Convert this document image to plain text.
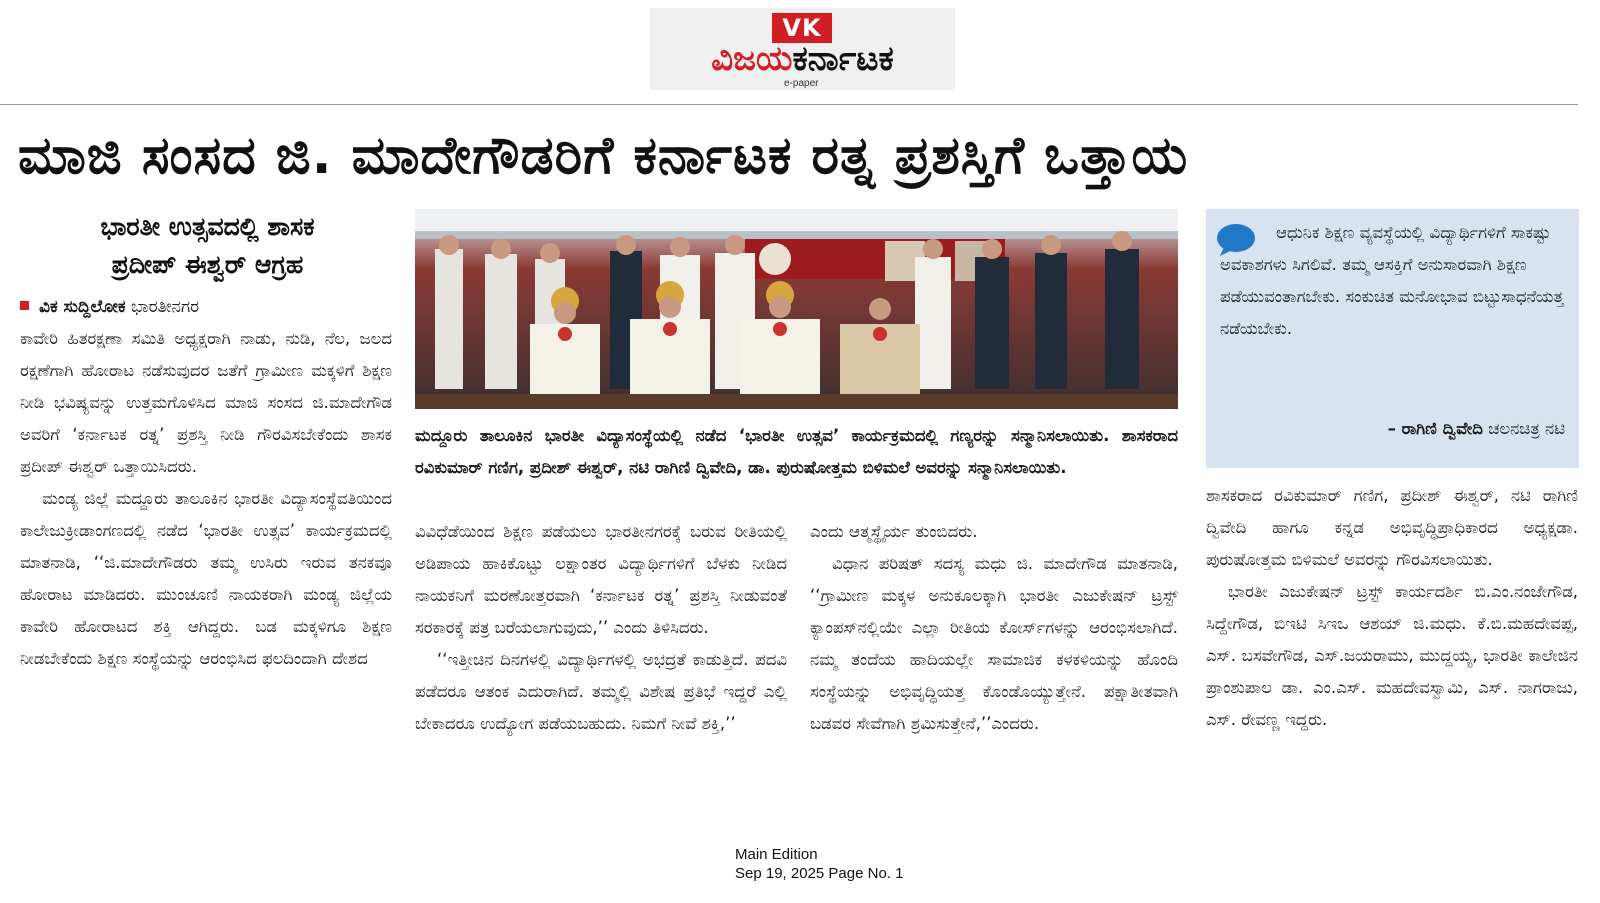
VK
ವಿಜಯಕರ್ನಾಟಕ
e-paper
ಮಾಜಿ ಸಂಸದ ಜಿ. ಮಾದೇಗೌಡರಿಗೆ ಕರ್ನಾಟಕ ರತ್ನ ಪ್ರಶಸ್ತಿಗೆ ಒತ್ತಾಯ
ಭಾರತೀ ಉತ್ಸವದಲ್ಲಿ ಶಾಸಕ
ಪ್ರದೀಪ್ ಈಶ್ವರ್ ಆಗ್ರಹ
ವಿಕ ಸುದ್ದಿಲೋಕ ಭಾರತೀನಗರ

ಕಾವೇರಿ ಹಿತರಕ್ಷಣಾ ಸಮಿತಿ ಅಧ್ಯಕ್ಷರಾಗಿ ನಾಡು, ನುಡಿ, ನೆಲ, ಜಲದ ರಕ್ಷಣೆಗಾಗಿ ಹೋರಾಟ ನಡೆಸುವುದರ ಜತೆಗೆ ಗ್ರಾಮೀಣ ಮಕ್ಕಳಿಗೆ ಶಿಕ್ಷಣ ನೀಡಿ ಭವಿಷ್ಯವನ್ನು ಉತ್ತಮಗೊಳಿಸಿದ ಮಾಜಿ ಸಂಸದ ಜಿ.ಮಾದೇಗೌಡ ಅವರಿಗೆ ‘ಕರ್ನಾಟಕ ರತ್ನ’ ಪ್ರಶಸ್ತಿ ನೀಡಿ ಗೌರವಿಸಬೇಕೆಂದು ಶಾಸಕ ಪ್ರದೀಪ್ ಈಶ್ವರ್ ಒತ್ತಾಯಿಸಿದರು.

ಮಂಡ್ಯ ಜಿಲ್ಲೆ ಮದ್ದೂರು ತಾಲೂಕಿನ ಭಾರತೀ ವಿದ್ಯಾಸಂಸ್ಥೆವತಿಯಿಂದ ಕಾಲೇಜುಕ್ರೀಡಾಂಗಣದಲ್ಲಿ ನಡೆದ ‘ಭಾರತೀ ಉತ್ಸವ’ ಕಾರ್ಯಕ್ರಮದಲ್ಲಿ ಮಾತನಾಡಿ, ‘‘ಜಿ.ಮಾದೇಗೌಡರು ತಮ್ಮ ಉಸಿರು ಇರುವ ತನಕವೂ ಹೋರಾಟ ಮಾಡಿದರು. ಮುಂಚೂಣಿ ನಾಯಕರಾಗಿ ಮಂಡ್ಯ ಜಿಲ್ಲೆಯ ಕಾವೇರಿ ಹೋರಾಟದ ಶಕ್ತಿ ಆಗಿದ್ದರು. ಬಡ ಮಕ್ಕಳಿಗೂ ಶಿಕ್ಷಣ ನೀಡಬೇಕೆಂದು ಶಿಕ್ಷಣ ಸಂಸ್ಥೆಯನ್ನು ಆರಂಭಿಸಿದ ಫಲದಿಂದಾಗಿ ದೇಶದ

ಮದ್ದೂರು ತಾಲೂಕಿನ ಭಾರತೀ ವಿದ್ಯಾಸಂಸ್ಥೆಯಲ್ಲಿ ನಡೆದ ‘ಭಾರತೀ ಉತ್ಸವ’ ಕಾರ್ಯಕ್ರಮದಲ್ಲಿ ಗಣ್ಯರನ್ನು ಸನ್ಮಾನಿಸಲಾಯಿತು. ಶಾಸಕರಾದ ರವಿಕುಮಾರ್ ಗಣಿಗ, ಪ್ರದೀಶ್ ಈಶ್ವರ್, ನಟಿ ರಾಗಿಣಿ ದ್ವಿವೇದಿ, ಡಾ. ಪುರುಷೋತ್ತಮ ಬಿಳಿಮಲೆ ಅವರನ್ನು ಸನ್ಮಾನಿಸಲಾಯಿತು.

ವಿವಿಧೆಡೆಯಿಂದ ಶಿಕ್ಷಣ ಪಡೆಯಲು ಭಾರತೀನಗರಕ್ಕೆ ಬರುವ ರೀತಿಯಲ್ಲಿ ಅಡಿಪಾಯ ಹಾಕಿಕೊಟ್ಟು ಲಕ್ಷಾಂತರ ವಿದ್ಯಾರ್ಥಿಗಳಿಗೆ ಬೆಳಕು ನೀಡಿದ ನಾಯಕನಿಗೆ ಮರಣೋತ್ತರವಾಗಿ ‘ಕರ್ನಾಟಕ ರತ್ನ’ ಪ್ರಶಸ್ತಿ ನೀಡುವಂತೆ ಸರಕಾರಕ್ಕೆ ಪತ್ರ ಬರೆಯಲಾಗುವುದು,’’ ಎಂದು ತಿಳಿಸಿದರು.

‘‘ಇತ್ತೀಚಿನ ದಿನಗಳಲ್ಲಿ ವಿದ್ಯಾರ್ಥಿಗಳಲ್ಲಿ ಅಭದ್ರತೆ ಕಾಡುತ್ತಿದೆ. ಪದವಿ ಪಡೆದರೂ ಆತಂಕ ಎದುರಾಗಿದೆ. ತಮ್ಮಲ್ಲಿ ವಿಶೇಷ ಪ್ರತಿಭೆ ಇದ್ದರೆ ಎಲ್ಲಿ ಬೇಕಾದರೂ ಉದ್ಯೋಗ ಪಡೆಯಬಹುದು. ನಿಮಗೆ ನೀವೆ ಶಕ್ತಿ,’’

ಎಂದು ಆತ್ಮಸ್ಥೈರ್ಯ ತುಂಬಿದರು.

ವಿಧಾನ ಪರಿಷತ್ ಸದಸ್ಯ ಮಧು ಜಿ. ಮಾದೇಗೌಡ ಮಾತನಾಡಿ, ‘‘ಗ್ರಾಮೀಣ ಮಕ್ಕಳ ಅನುಕೂಲಕ್ಕಾಗಿ ಭಾರತೀ ಎಜುಕೇಷನ್ ಟ್ರಸ್ಟ್ ಕ್ಯಾಂಪಸ್‌ನಲ್ಲಿಯೇ ಎಲ್ಲಾ ರೀತಿಯ ಕೋರ್ಸ್‌ಗಳನ್ನು ಆರಂಭಿಸಲಾಗಿದೆ. ನಮ್ಮ ತಂದೆಯ ಹಾದಿಯಲ್ಲೇ ಸಾಮಾಜಿಕ ಕಳಕಳಿಯನ್ನು ಹೊಂದಿ ಸಂಸ್ಥೆಯನ್ನು ಅಭಿವೃದ್ಧಿಯತ್ತ ಕೊಂಡೊಯ್ಯುತ್ತೇನೆ. ಪಕ್ಷಾತೀತವಾಗಿ ಬಡವರ ಸೇವೆಗಾಗಿ ಶ್ರಮಿಸುತ್ತೇನೆ,’’ಎಂದರು.

ಆಧುನಿಕ ಶಿಕ್ಷಣ ವ್ಯವಸ್ಥೆಯಲ್ಲಿ ವಿದ್ಯಾರ್ಥಿಗಳಿಗೆ ಸಾಕಷ್ಟು ಅವಕಾಶಗಳು ಸಿಗಲಿವೆ. ತಮ್ಮ ಆಸಕ್ತಿಗೆ ಅನುಸಾರವಾಗಿ ಶಿಕ್ಷಣ ಪಡೆಯುವಂತಾಗಬೇಕು. ಸಂಕುಚಿತ ಮನೋಭಾವ ಬಿಟ್ಟುಸಾಧನೆಯತ್ತ ನಡೆಯಬೇಕು.
– ರಾಗಿಣಿ ದ್ವಿವೇದಿ ಚಲನಚಿತ್ರ ನಟಿ

ಶಾಸಕರಾದ ರವಿಕುಮಾರ್ ಗಣಿಗ, ಪ್ರದೀಶ್ ಈಶ್ವರ್, ನಟಿ ರಾಗಿಣಿ ದ್ವಿವೇದಿ ಹಾಗೂ ಕನ್ನಡ ಅಭಿವೃದ್ಧಿಪ್ರಾಧಿಕಾರದ ಅಧ್ಯಕ್ಷಡಾ. ಪುರುಷೋತ್ತಮ ಬಿಳಿಮಲೆ ಅವರನ್ನು ಗೌರವಿಸಲಾಯಿತು.

ಭಾರತೀ ಎಜುಕೇಷನ್ ಟ್ರಸ್ಟ್ ಕಾರ್ಯದರ್ಶಿ ಬಿ.ಎಂ.ನಂಜೇಗೌಡ, ಸಿದ್ದೇಗೌಡ, ಬಿಇಟಿ ಸಿಇಒ ಆಶಯ್ ಜಿ.ಮಧು. ಕೆ.ಬಿ.ಮಹದೇವಪ್ಪ, ಎಸ್. ಬಸವೇಗೌಡ, ಎಸ್.ಜಯರಾಮು, ಮುದ್ದಯ್ಯ, ಭಾರತೀ ಕಾಲೇಜಿನ ಪ್ರಾಂಶುಪಾಲ ಡಾ. ಎಂ.ಎಸ್. ಮಹದೇವಸ್ವಾಮಿ, ಎಸ್. ನಾಗರಾಜು, ಎಸ್. ರೇವಣ್ಣ ಇದ್ದರು.

Main Edition
Sep 19, 2025 Page No. 1
